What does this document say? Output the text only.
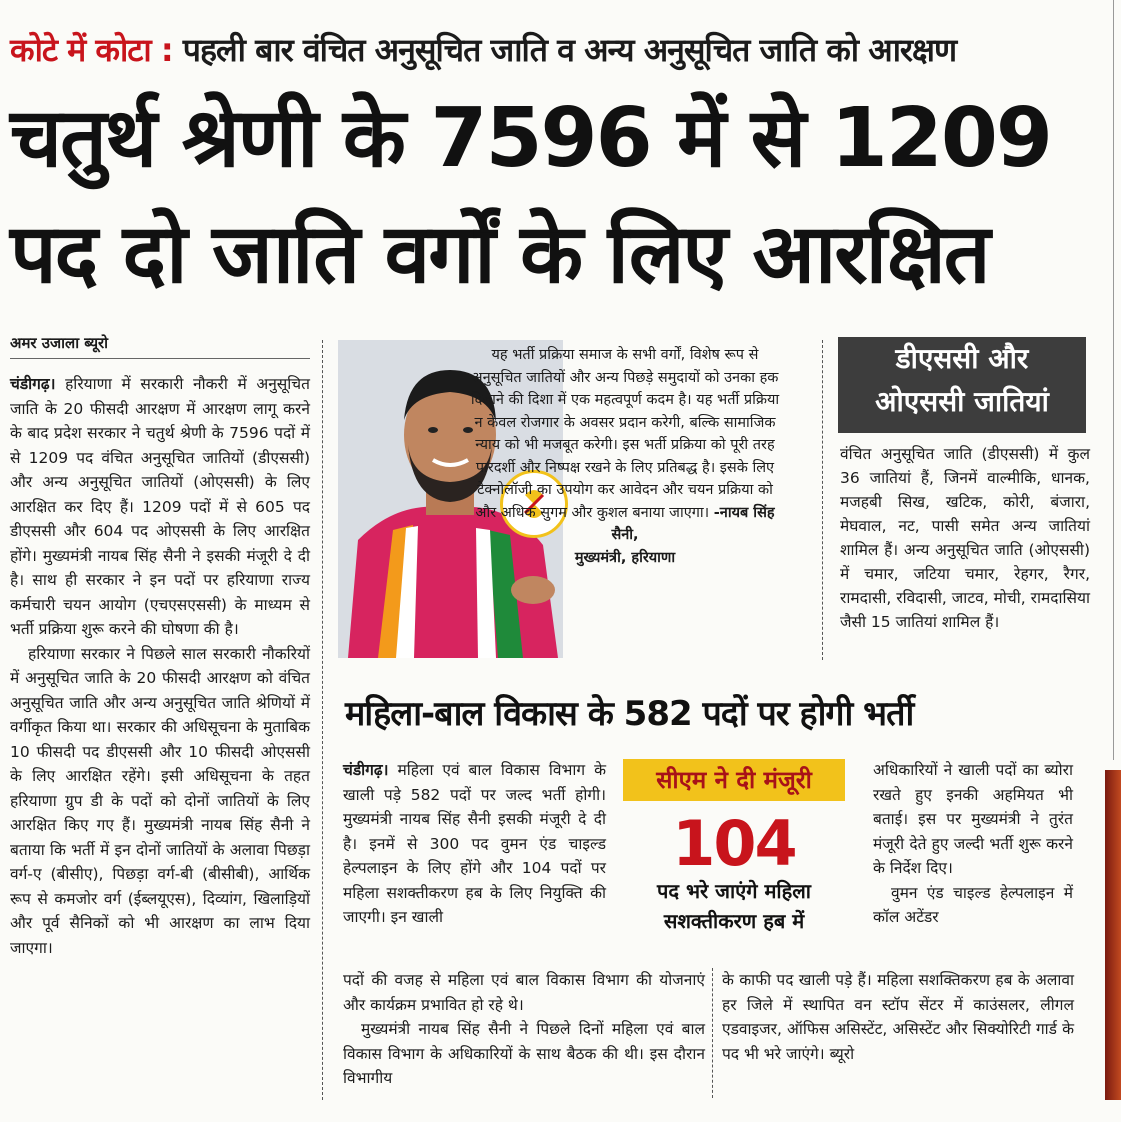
कोटे में कोटा : पहली बार वंचित अनुसूचित जाति व अन्य अनुसूचित जाति को आरक्षण
चतुर्थ श्रेणी के 7596 में से 1209
पद दो जाति वर्गों के लिए आरक्षित
अमर उजाला ब्यूरो

चंडीगढ़। हरियाणा में सरकारी नौकरी में अनुसूचित जाति के 20 फीसदी आरक्षण में आरक्षण लागू करने के बाद प्रदेश सरकार ने चतुर्थ श्रेणी के 7596 पदों में से 1209 पद वंचित अनुसूचित जातियों (डीएससी) और अन्य अनुसूचित जातियों (ओएससी) के लिए आरक्षित कर दिए हैं। 1209 पदों में से 605 पद डीएससी और 604 पद ओएससी के लिए आरक्षित होंगे। मुख्यमंत्री नायब सिंह सैनी ने इसकी मंजूरी दे दी है। साथ ही सरकार ने इन पदों पर हरियाणा राज्य कर्मचारी चयन आयोग (एचएसएससी) के माध्यम से भर्ती प्रक्रिया शुरू करने की घोषणा की है।

हरियाणा सरकार ने पिछले साल सरकारी नौकरियों में अनुसूचित जाति के 20 फीसदी आरक्षण को वंचित अनुसूचित जाति और अन्य अनुसूचित जाति श्रेणियों में वर्गीकृत किया था। सरकार की अधिसूचना के मुताबिक 10 फीसदी पद डीएससी और 10 फीसदी ओएससी के लिए आरक्षित रहेंगे। इसी अधिसूचना के तहत हरियाणा ग्रुप डी के पदों को दोनों जातियों के लिए आरक्षित किए गए हैं। मुख्यमंत्री नायब सिंह सैनी ने बताया कि भर्ती में इन दोनों जातियों के अलावा पिछड़ा वर्ग-ए (बीसीए), पिछड़ा वर्ग-बी (बीसीबी), आर्थिक रूप से कमजोर वर्ग (ईब्लयूएस), दिव्यांग, खिलाड़ियों और पूर्व सैनिकों को भी आरक्षण का लाभ दिया जाएगा।

यह भर्ती प्रक्रिया समाज के सभी वर्गों, विशेष रूप से अनुसूचित जातियों और अन्य पिछड़े समुदायों को उनका हक दिलाने की दिशा में एक महत्वपूर्ण कदम है। यह भर्ती प्रक्रिया न केवल रोजगार के अवसर प्रदान करेगी, बल्कि सामाजिक न्याय को भी मजबूत करेगी। इस भर्ती प्रक्रिया को पूरी तरह पारदर्शी और निष्पक्ष रखने के लिए प्रतिबद्ध है। इसके लिए टेक्नोलॉजी का उपयोग कर आवेदन और चयन प्रक्रिया को और अधिक सुगम और कुशल बनाया जाएगा। -नायब सिंह सैनी,
मुख्यमंत्री, हरियाणा
डीएससी और
ओएससी जातियां
वंचित अनुसूचित जाति (डीएससी) में कुल 36 जातियां हैं, जिनमें वाल्मीकि, धानक, मजहबी सिख, खटिक, कोरी, बंजारा, मेघवाल, नट, पासी समेत अन्य जातियां शामिल हैं। अन्य अनुसूचित जाति (ओएससी) में चमार, जटिया चमार, रेहगर, रैगर, रामदासी, रविदासी, जाटव, मोची, रामदासिया जैसी 15 जातियां शामिल हैं।
महिला-बाल विकास के 582 पदों पर होगी भर्ती

चंडीगढ़। महिला एवं बाल विकास विभाग के खाली पड़े 582 पदों पर जल्द भर्ती होगी। मुख्यमंत्री नायब सिंह सैनी इसकी मंजूरी दे दी है। इनमें से 300 पद वुमन एंड चाइल्ड हेल्पलाइन के लिए होंगे और 104 पदों पर महिला सशक्तीकरण हब के लिए नियुक्ति की जाएगी। इन खाली

सीएम ने दी मंजूरी
104
पद भरे जाएंगे महिला
सशक्तीकरण हब में

अधिकारियों ने खाली पदों का ब्योरा रखते हुए इनकी अहमियत भी बताई। इस पर मुख्यमंत्री ने तुरंत मंजूरी देते हुए जल्दी भर्ती शुरू करने के निर्देश दिए।

वुमन एंड चाइल्ड हेल्पलाइन में कॉल अटेंडर

पदों की वजह से महिला एवं बाल विकास विभाग की योजनाएं और कार्यक्रम प्रभावित हो रहे थे।

मुख्यमंत्री नायब सिंह सैनी ने पिछले दिनों महिला एवं बाल विकास विभाग के अधिकारियों के साथ बैठक की थी। इस दौरान विभागीय

के काफी पद खाली पड़े हैं। महिला सशक्तिकरण हब के अलावा हर जिले में स्थापित वन स्टॉप सेंटर में काउंसलर, लीगल एडवाइजर, ऑफिस असिस्टेंट, असिस्टेंट और सिक्योरिटी गार्ड के पद भी भरे जाएंगे। ब्यूरो
